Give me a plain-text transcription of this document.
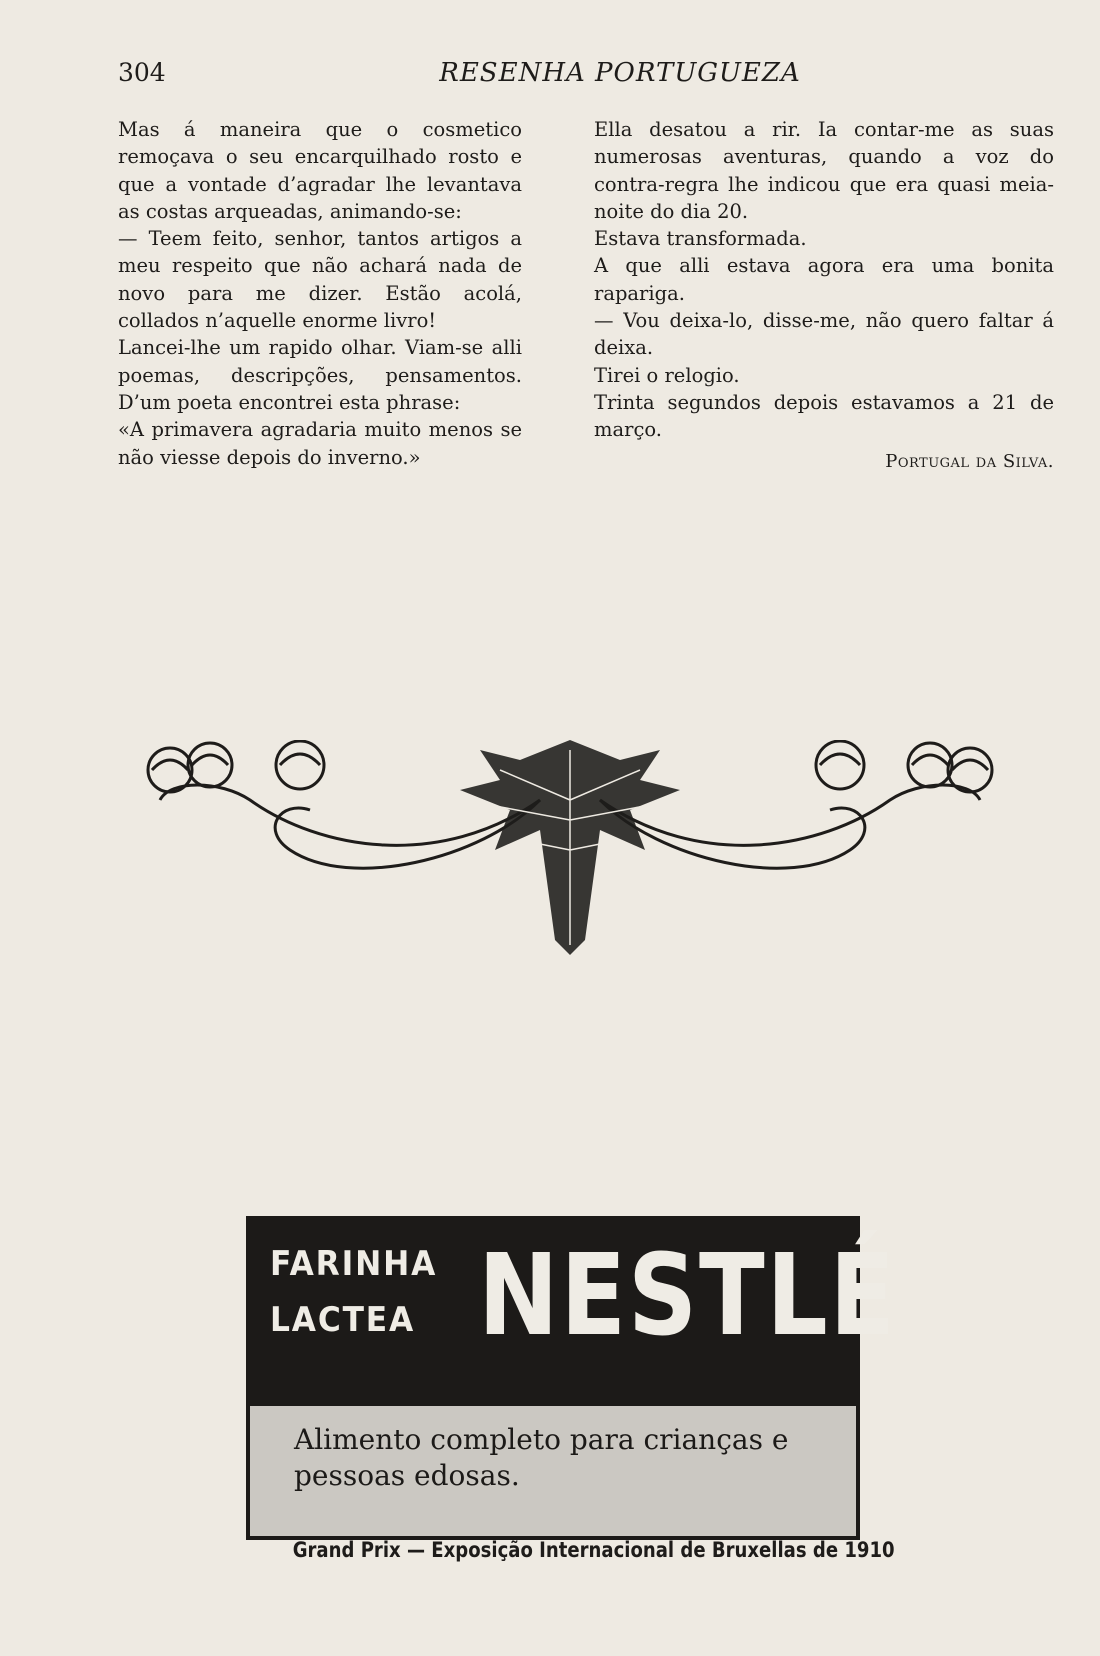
304	RESENHA PORTUGUEZA

Mas á maneira que o cosmetico remoçava o seu encarquilhado rosto e que a vontade d’agradar lhe levantava as costas arqueadas, animando-se:

— Teem feito, senhor, tantos artigos a meu respeito que não achará nada de novo para me dizer. Estão acolá, collados n’aquelle enorme livro!

Lancei-lhe um rapido olhar. Viam-se alli poemas, descripções, pensamentos. D’um poeta encontrei esta phrase:

«A primavera agradaria muito menos se não viesse depois do inverno.»

Ella desatou a rir. Ia contar-me as suas numerosas aventuras, quando a voz do contra-regra lhe indicou que era quasi meia-noite do dia 20.

Estava transformada.

A que alli estava agora era uma bonita rapariga.

— Vou deixa-lo, disse-me, não quero faltar á deixa.

Tirei o relogio.

Trinta segundos depois estavamos a 21 de março.

Portugal da Silva.
FARINHA
LACTEA NESTLÉ
Alimento completo para crianças e pessoas edosas.
Grand Prix — Exposição Internacional de Bruxellas de 1910
